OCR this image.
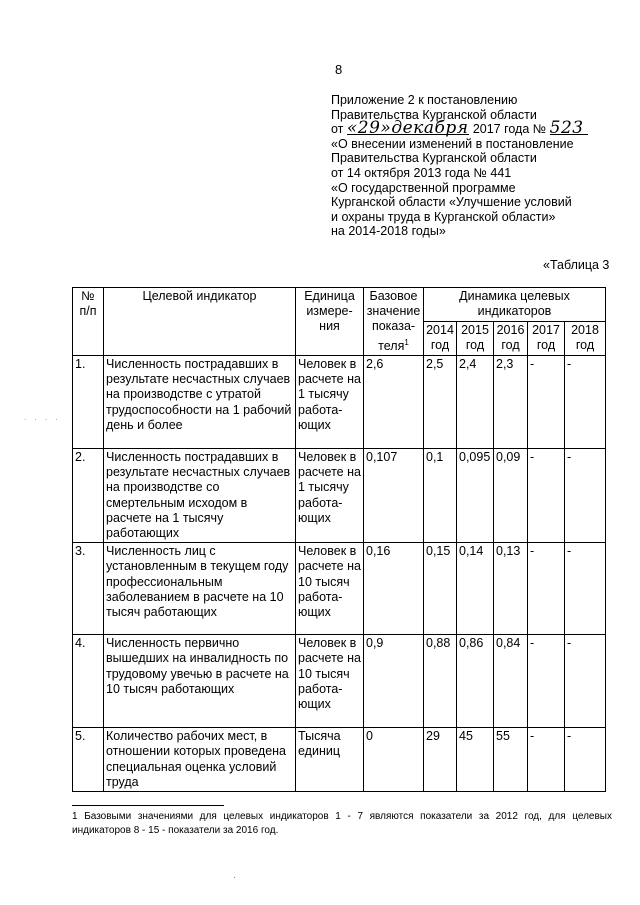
8
Приложение 2 к постановлению
Правительства Курганской области
от «29»декабря 2017 года № 523
«О внесении изменений в постановление
Правительства Курганской области
от 14 октября 2013 года № 441
«О государственной программе
Курганской области «Улучшение условий
и охраны труда в Курганской области»
на 2014-2018 годы»
«Таблица 3
. . . .
№ п/п	Целевой индикатор	Единица измере-ния	Базовое значение показа-теля$^1$	Динамика целевых индикаторов				
				2014 год	2015 год	2016 год	2017 год	2018 год
1.	Численность пострадавших в результате несчастных случаев на производстве с утратой трудоспособности на 1 рабочий день и более	Человек в расчете на 1 тысячу работа-ющих	2,6	2,5	2,4	2,3	-	-
2.	Численность пострадавших в результате несчастных случаев на производстве со смертельным исходом в расчете на 1 тысячу работающих	Человек в расчете на 1 тысячу работа-ющих	0,107	0,1	0,095	0,09	-	-
3.	Численность лиц с установленным в текущем году профессиональным заболеванием в расчете на 10 тысяч работающих	Человек в расчете на 10 тысяч работа-ющих	0,16	0,15	0,14	0,13	-	-
4.	Численность первично вышедших на инвалидность по трудовому увечью в расчете на 10 тысяч работающих	Человек в расчете на 10 тысяч работа-ющих	0,9	0,88	0,86	0,84	-	-
5.	Количество рабочих мест, в отношении которых проведена специальная оценка условий труда	Тысяча единиц	0	29	45	55	-	-
1 Базовыми значениями для целевых индикаторов 1 - 7 являются показатели за 2012 год, для целевых индикаторов 8 - 15 - показатели за 2016 год.
·
